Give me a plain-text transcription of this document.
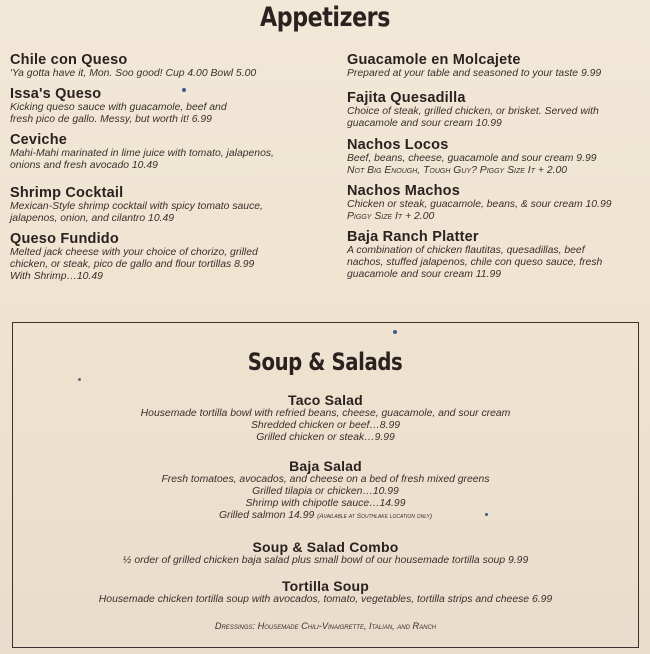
Appetizers
Chile con Queso
'Ya gotta have it, Mon. Soo good! Cup 4.00 Bowl 5.00
Issa's Queso
Kicking queso sauce with guacamole, beef and
fresh pico de gallo. Messy, but worth it! 6.99
Ceviche
Mahi-Mahi marinated in lime juice with tomato, jalapenos,
onions and fresh avocado 10.49
Shrimp Cocktail
Mexican-Style shrimp cocktail with spicy tomato sauce,
jalapenos, onion, and cilantro 10.49
Queso Fundido
Melted jack cheese with your choice of chorizo, grilled
chicken, or steak, pico de gallo and flour tortillas 8.99
With Shrimp…10.49
Guacamole en Molcajete
Prepared at your table and seasoned to your taste 9.99
Fajita Quesadilla
Choice of steak, grilled chicken, or brisket. Served with
guacamole and sour cream 10.99
Nachos Locos
Beef, beans, cheese, guacamole and sour cream 9.99
Not Big Enough, Tough Guy? Piggy Size It + 2.00
Nachos Machos
Chicken or steak, guacamole, beans, & sour cream 10.99
Piggy Size It + 2.00
Baja Ranch Platter
A combination of chicken flautitas, quesadillas, beef
nachos, stuffed jalapenos, chile con queso sauce, fresh
guacamole and sour cream 11.99
Soup & Salads
Taco Salad
Housemade tortilla bowl with refried beans, cheese, guacamole, and sour cream
Shredded chicken or beef…8.99
Grilled chicken or steak…9.99
Baja Salad
Fresh tomatoes, avocados, and cheese on a bed of fresh mixed greens
Grilled tilapia or chicken…10.99
Shrimp with chipotle sauce…14.99
Grilled salmon 14.99 (Available at Southlake location only)
Soup & Salad Combo
½ order of grilled chicken baja salad plus small bowl of our housemade tortilla soup 9.99
Tortilla Soup
Housemade chicken tortilla soup with avocados, tomato, vegetables, tortilla strips and cheese 6.99
Dressings: Housemade Chili-Vinaigrette, Italian, and Ranch
